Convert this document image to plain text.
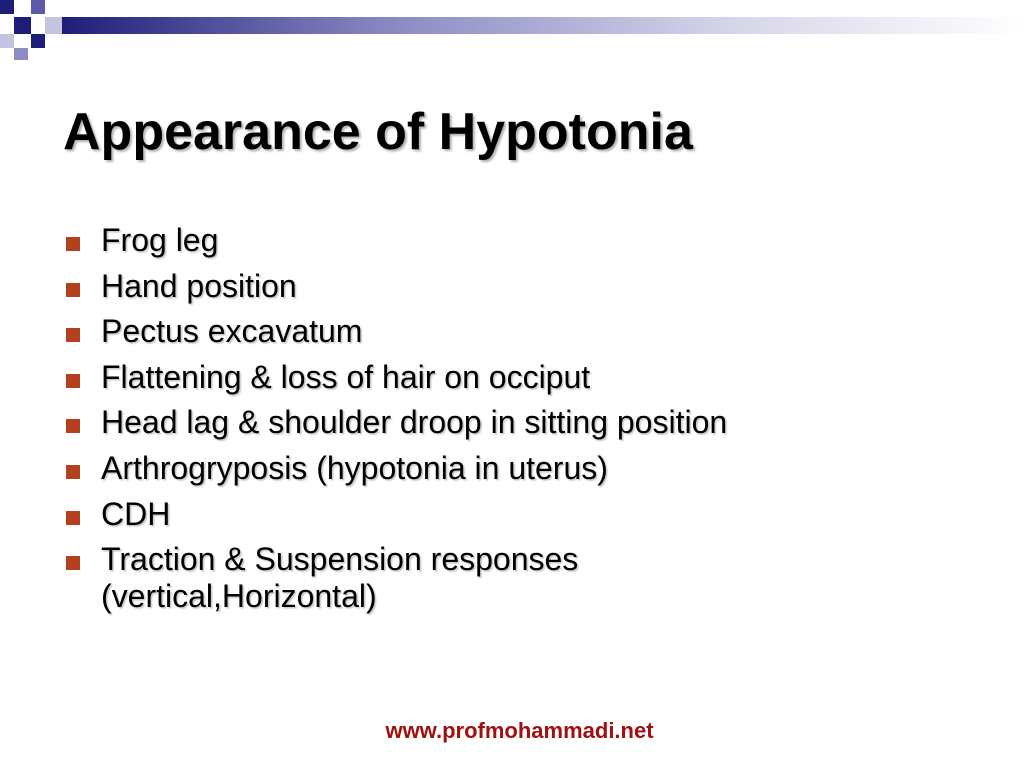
Appearance of Hypotonia
Frog leg
Hand position
Pectus excavatum
Flattening & loss of hair on occiput
Head lag & shoulder droop in sitting position
Arthrogryposis (hypotonia in uterus)
CDH
Traction & Suspension responses (vertical,Horizontal)
www.profmohammadi.net
